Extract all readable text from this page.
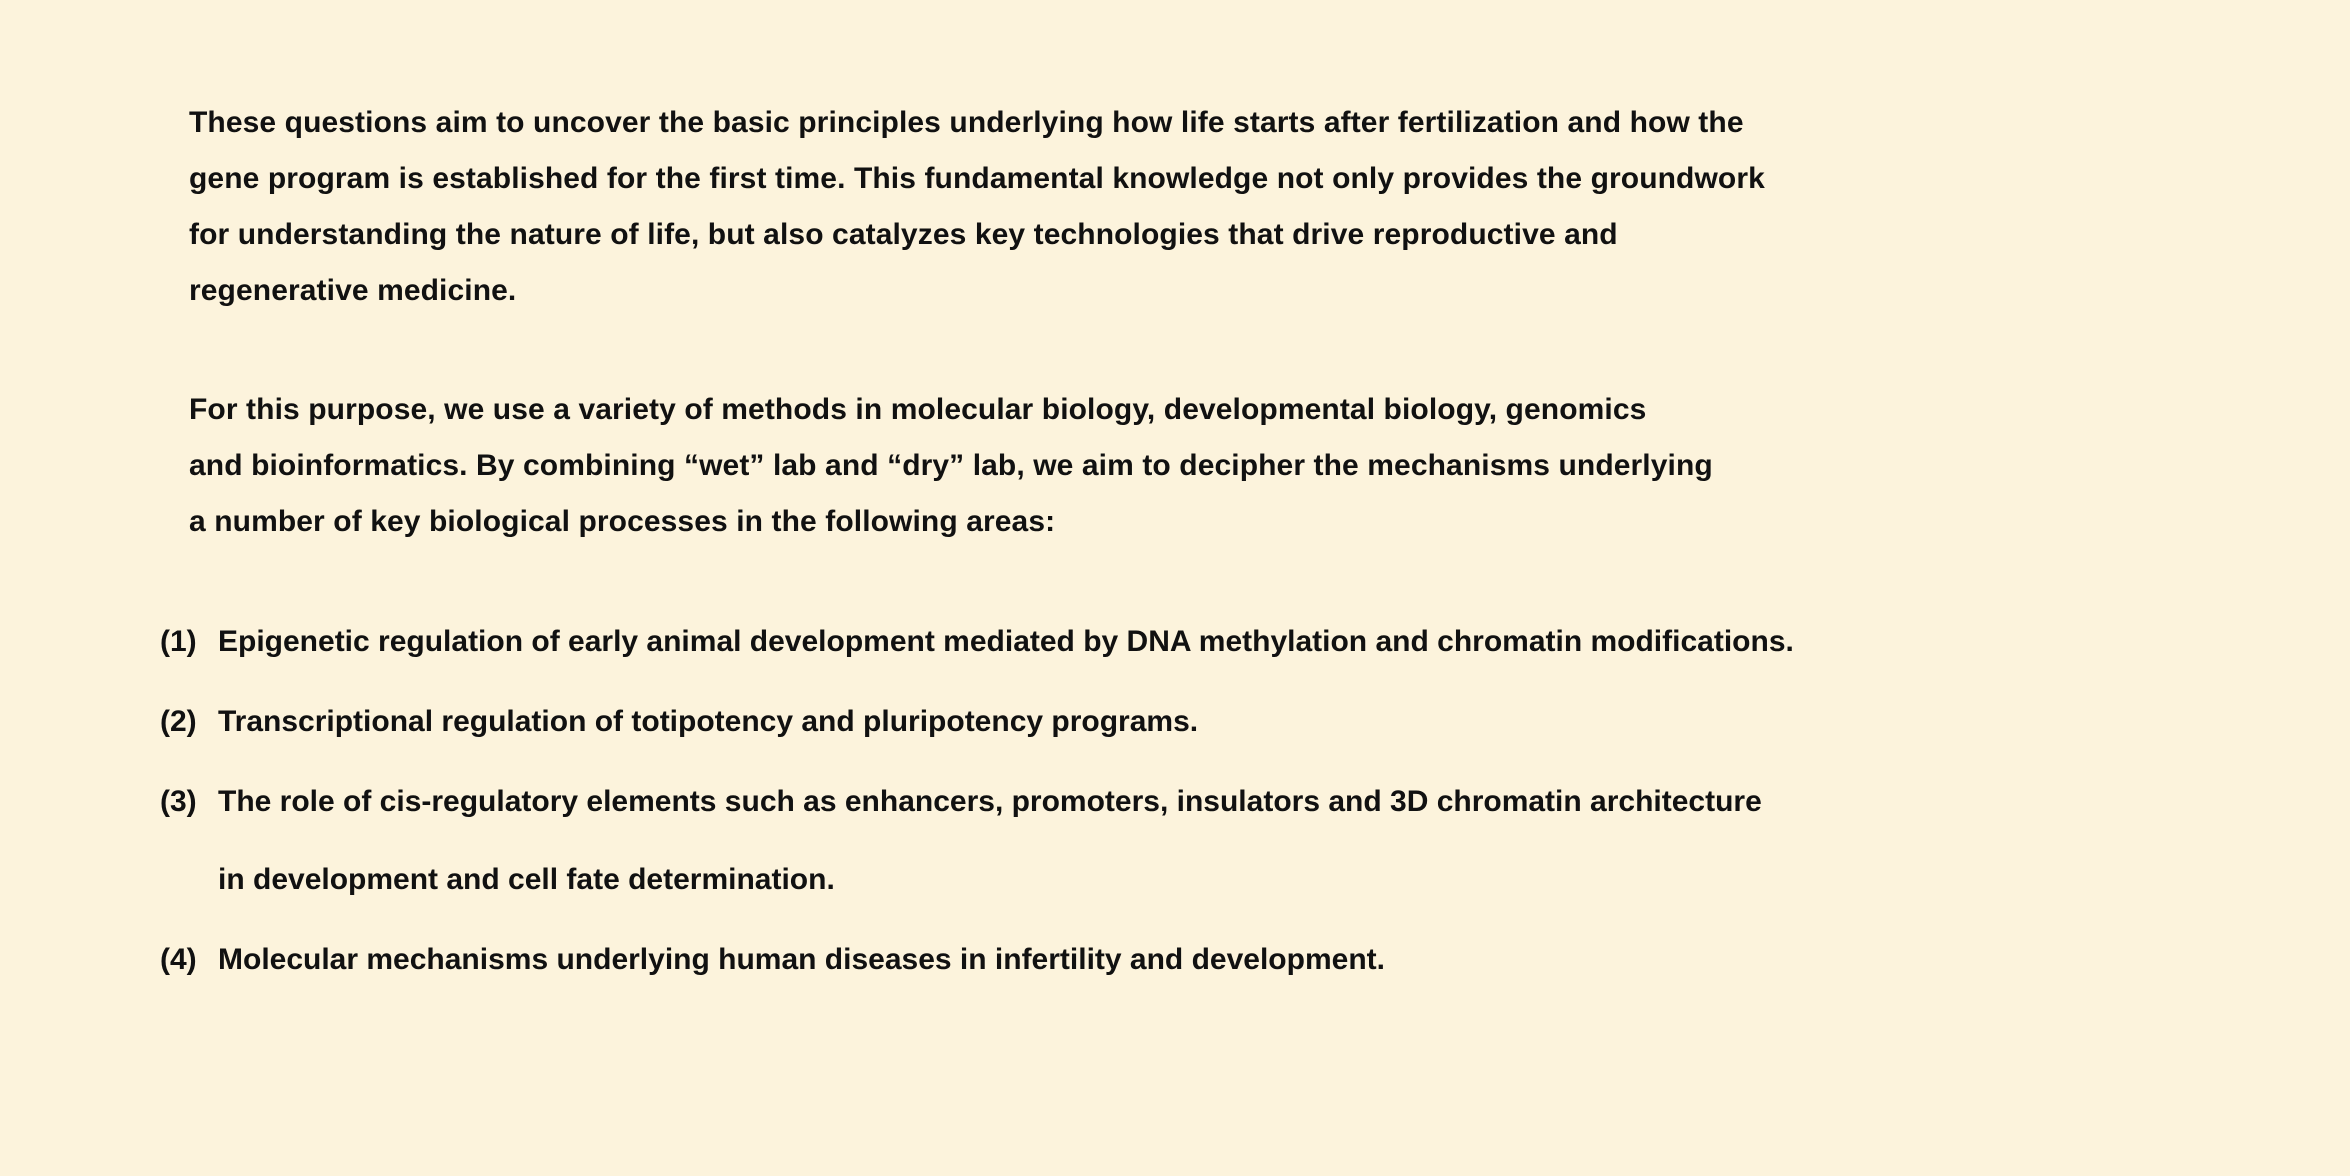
These questions aim to uncover the basic principles underlying how life starts after fertilization and how the
gene program is established for the first time. This fundamental knowledge not only provides the groundwork
for understanding the nature of life, but also catalyzes key technologies that drive reproductive and
regenerative medicine.
For this purpose, we use a variety of methods in molecular biology, developmental biology, genomics
and bioinformatics. By combining “wet” lab and “dry” lab, we aim to decipher the mechanisms underlying
a number of key biological processes in the following areas:
(1) Epigenetic regulation of early animal development mediated by DNA methylation and chromatin modifications.
(2) Transcriptional regulation of totipotency and pluripotency programs.
(3) The role of cis-regulatory elements such as enhancers, promoters, insulators and 3D chromatin architecture
in development and cell fate determination.
(4) Molecular mechanisms underlying human diseases in infertility and development.
